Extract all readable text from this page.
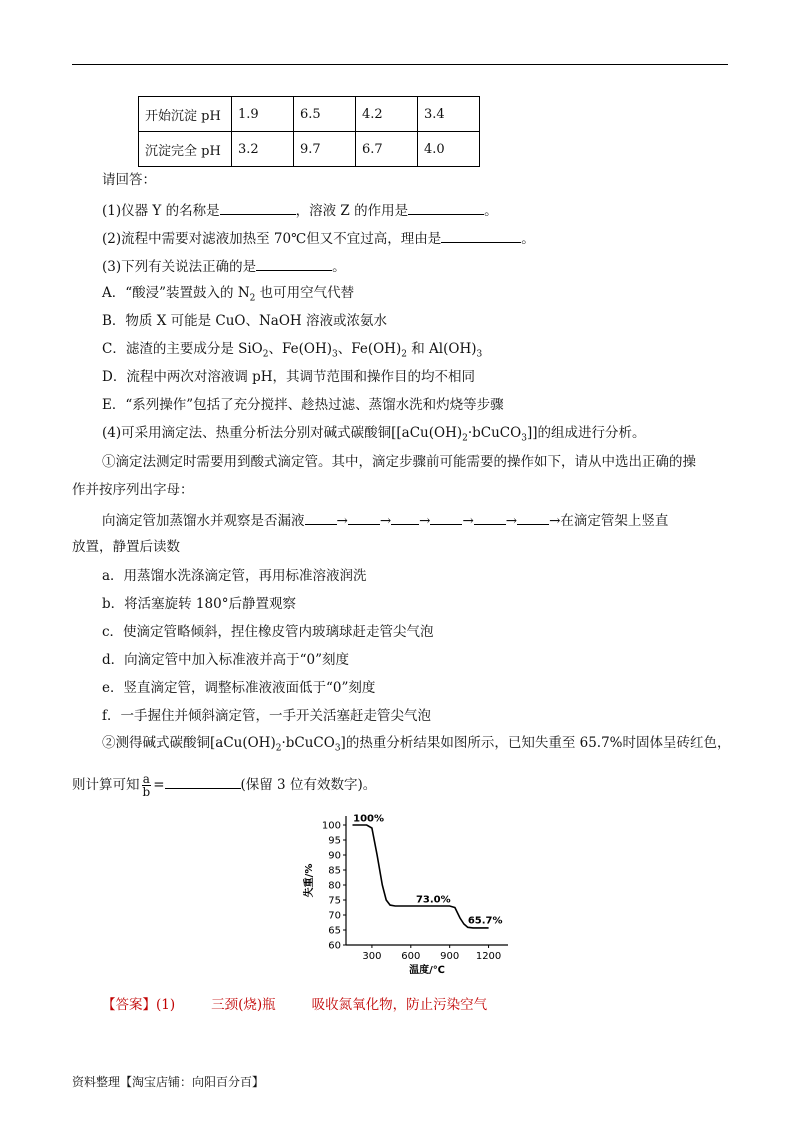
开始沉淀 pH	1.9	6.5	4.2	3.4
沉淀完全 pH	3.2	9.7	6.7	4.0
请回答：
(1)仪器 Y 的名称是	，溶液 Z 的作用是	。
(2)流程中需要对滤液加热至 70℃但又不宜过高，理由是	。
(3)下列有关说法正确的是	。
A．“酸浸”装置鼓入的 $N_2$ 也可用空气代替
B．物质 X 可能是 CuO、NaOH 溶液或浓氨水
C．滤渣的主要成分是 SiO$_2$、$Fe(OH)_3$、$Fe(OH)_2$ 和 $Al(OH)_3$
D．流程中两次对溶液调 pH，其调节范围和操作目的均不相同
E．“系列操作”包括了充分搅拌、趁热过滤、蒸馏水洗和灼烧等步骤
(4)可采用滴定法、热重分析法分别对碱式碳酸铜$[[aCu(OH)_2\cdot bCuCO_3]]$的组成进行分析。
①滴定法测定时需要用到酸式滴定管。其中，滴定步骤前可能需要的操作如下，请从中选出正确的操
作并按序列出字母：
向滴定管加蒸馏水并观察是否漏液 → → → → → →在滴定管架上竖直
放置，静置后读数
a．用蒸馏水洗涤滴定管，再用标准溶液润洗
b．将活塞旋转 180°后静置观察
c．使滴定管略倾斜，捏住橡皮管内玻璃球赶走管尖气泡
d．向滴定管中加入标准液并高于“0”刻度
e．竖直滴定管，调整标准液液面低于“0”刻度
f．一手握住并倾斜滴定管，一手开关活塞赶走管尖气泡
②测得碱式碳酸铜$[aCu(OH)_2\cdot bCuCO_3]$的热重分析结果如图所示，已知失重至 65.7%时固体呈砖红色，
则计算可知 $\frac{a}{b}$ =	(保留 3 位有效数字)。
60
65
70
75
80
85
90
95
100
300 600 900 1200
失重/%
温度/℃
100%
73.0%
65.7%
【答案】(1)	三颈(烧)瓶	吸收氮氧化物，防止污染空气
资料整理【淘宝店铺：向阳百分百】
